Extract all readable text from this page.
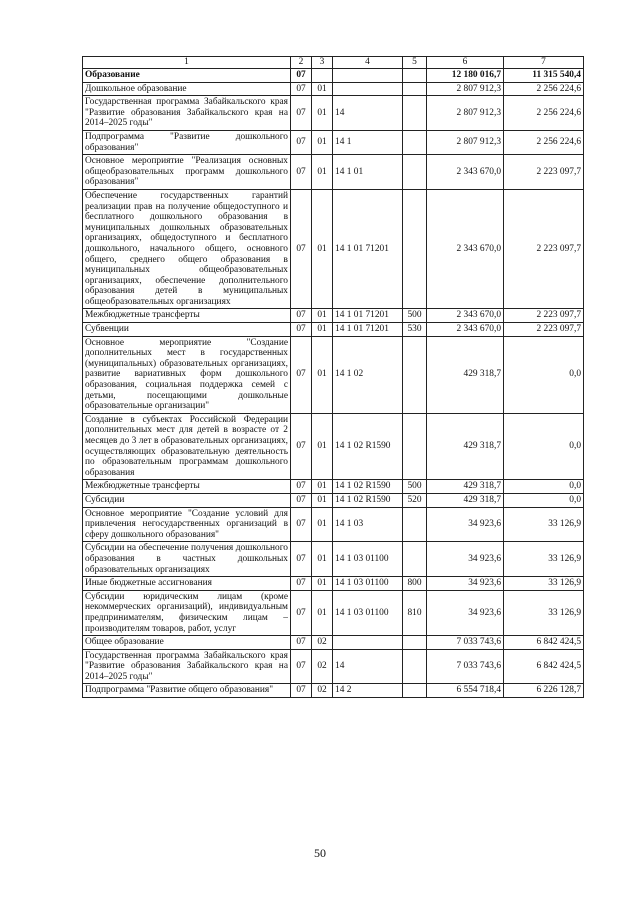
1	2	3	4	5	6	7
Образование	07				12 180 016,7	11 315 540,4
Дошкольное образование	07	01			2 807 912,3	2 256 224,6
Государственная программа Забайкальского края "Развитие образования Забайкальского края на 2014–2025 годы"	07	01	14		2 807 912,3	2 256 224,6
Подпрограмма "Развитие дошкольного образования"	07	01	14 1		2 807 912,3	2 256 224,6
Основное мероприятие "Реализация основных общеобразовательных программ дошкольного образования"	07	01	14 1 01		2 343 670,0	2 223 097,7
Обеспечение государственных гарантий реализации прав на получение общедоступного и бесплатного дошкольного образования в муниципальных дошкольных образовательных организациях, общедоступного и бесплатного дошкольного, начального общего, основного общего, среднего общего образования в муниципальных общеобразовательных организациях, обеспечение дополнительного образования детей в муниципальных общеобразовательных организациях	07	01	14 1 01 71201		2 343 670,0	2 223 097,7
Межбюджетные трансферты	07	01	14 1 01 71201	500	2 343 670,0	2 223 097,7
Субвенции	07	01	14 1 01 71201	530	2 343 670,0	2 223 097,7
Основное мероприятие "Создание дополнительных мест в государственных (муниципальных) образовательных организациях, развитие вариативных форм дошкольного образования, социальная поддержка семей с детьми, посещающими дошкольные образовательные организации"	07	01	14 1 02		429 318,7	0,0
Создание в субъектах Российской Федерации дополнительных мест для детей в возрасте от 2 месяцев до 3 лет в образовательных организациях, осуществляющих образовательную деятельность по образовательным программам дошкольного образования	07	01	14 1 02 R1590		429 318,7	0,0
Межбюджетные трансферты	07	01	14 1 02 R1590	500	429 318,7	0,0
Субсидии	07	01	14 1 02 R1590	520	429 318,7	0,0
Основное мероприятие "Создание условий для привлечения негосударственных организаций в сферу дошкольного образования"	07	01	14 1 03		34 923,6	33 126,9
Субсидии на обеспечение получения дошкольного образования в частных дошкольных образовательных организациях	07	01	14 1 03 01100		34 923,6	33 126,9
Иные бюджетные ассигнования	07	01	14 1 03 01100	800	34 923,6	33 126,9
Субсидии юридическим лицам (кроме некоммерческих организаций), индивидуальным предпринимателям, физическим лицам – производителям товаров, работ, услуг	07	01	14 1 03 01100	810	34 923,6	33 126,9
Общее образование	07	02			7 033 743,6	6 842 424,5
Государственная программа Забайкальского края "Развитие образования Забайкальского края на 2014–2025 годы"	07	02	14		7 033 743,6	6 842 424,5
Подпрограмма "Развитие общего образования"	07	02	14 2		6 554 718,4	6 226 128,7
50
